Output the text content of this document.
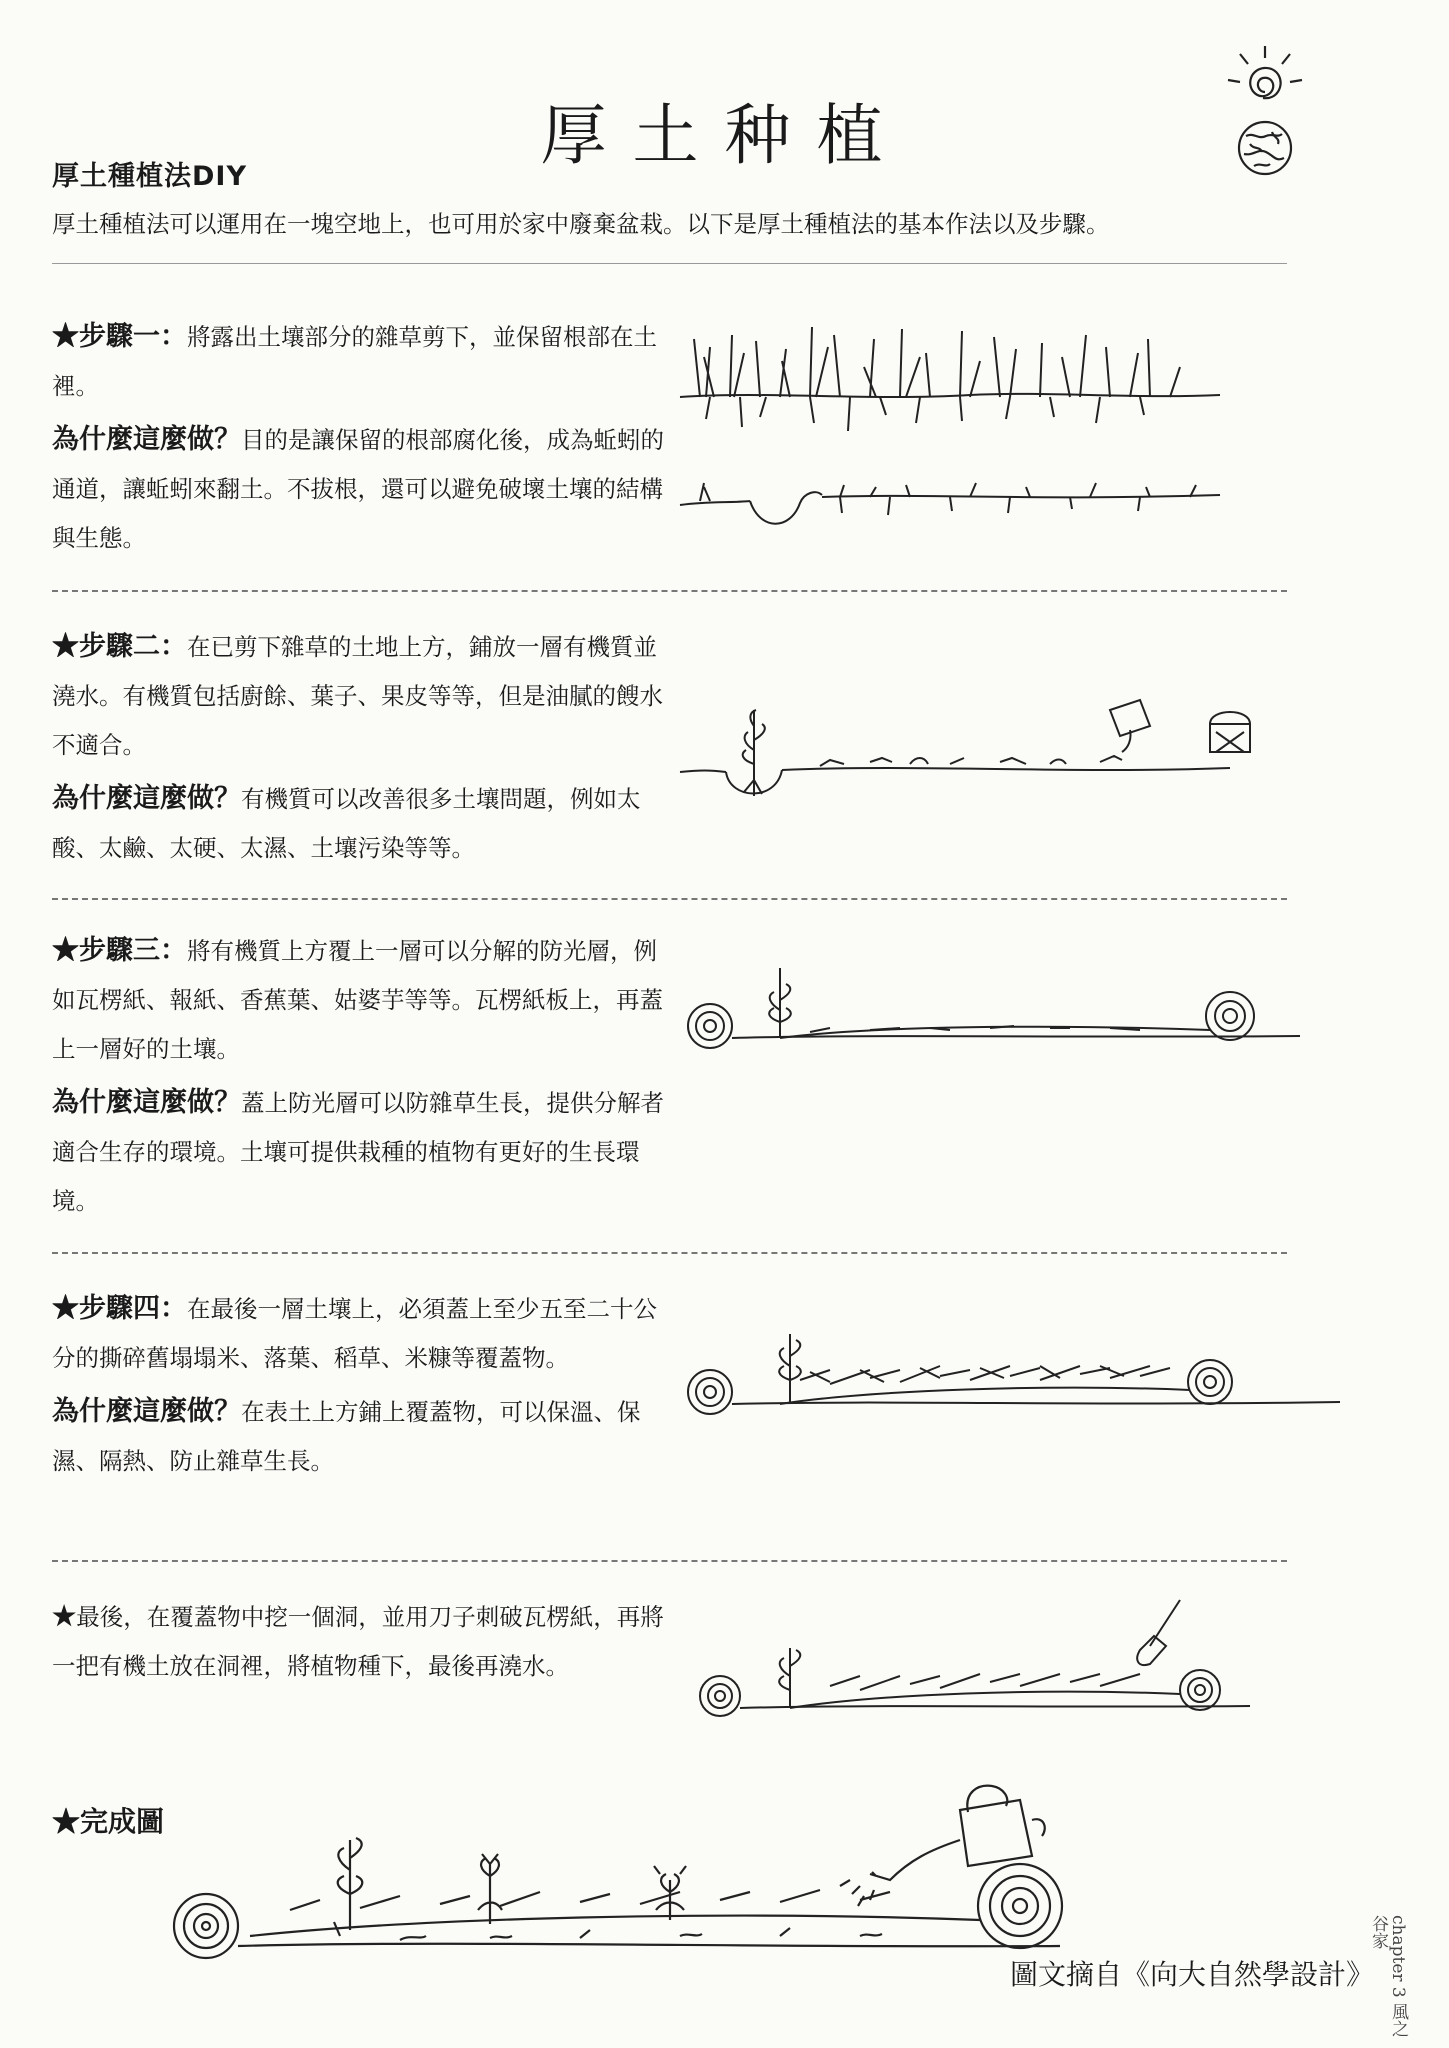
厚土种植
厚土種植法DIY
厚土種植法可以運用在一塊空地上，也可用於家中廢棄盆栽。以下是厚土種植法的基本作法以及步驟。

★步驟一：將露出土壤部分的雜草剪下，並保留根部在土裡。

為什麼這麼做？目的是讓保留的根部腐化後，成為蚯蚓的通道，讓蚯蚓來翻土。不拔根，還可以避免破壞土壤的結構與生態。

★步驟二：在已剪下雜草的土地上方，鋪放一層有機質並澆水。有機質包括廚餘、葉子、果皮等等，但是油膩的餿水不適合。

為什麼這麼做？有機質可以改善很多土壤問題，例如太酸、太鹼、太硬、太濕、土壤污染等等。

★步驟三：將有機質上方覆上一層可以分解的防光層，例如瓦楞紙、報紙、香蕉葉、姑婆芋等等。瓦楞紙板上，再蓋上一層好的土壤。

為什麼這麼做？蓋上防光層可以防雜草生長，提供分解者適合生存的環境。土壤可提供栽種的植物有更好的生長環境。

★步驟四：在最後一層土壤上，必須蓋上至少五至二十公分的撕碎舊塌塌米、落葉、稻草、米糠等覆蓋物。

為什麼這麼做？在表土上方鋪上覆蓋物，可以保溫、保濕、隔熱、防止雜草生長。

★最後，在覆蓋物中挖一個洞，並用刀子刺破瓦楞紙，再將一把有機土放在洞裡，將植物種下，最後再澆水。

★完成圖
圖文摘自《向大自然學設計》 chapter 3 風之谷家
